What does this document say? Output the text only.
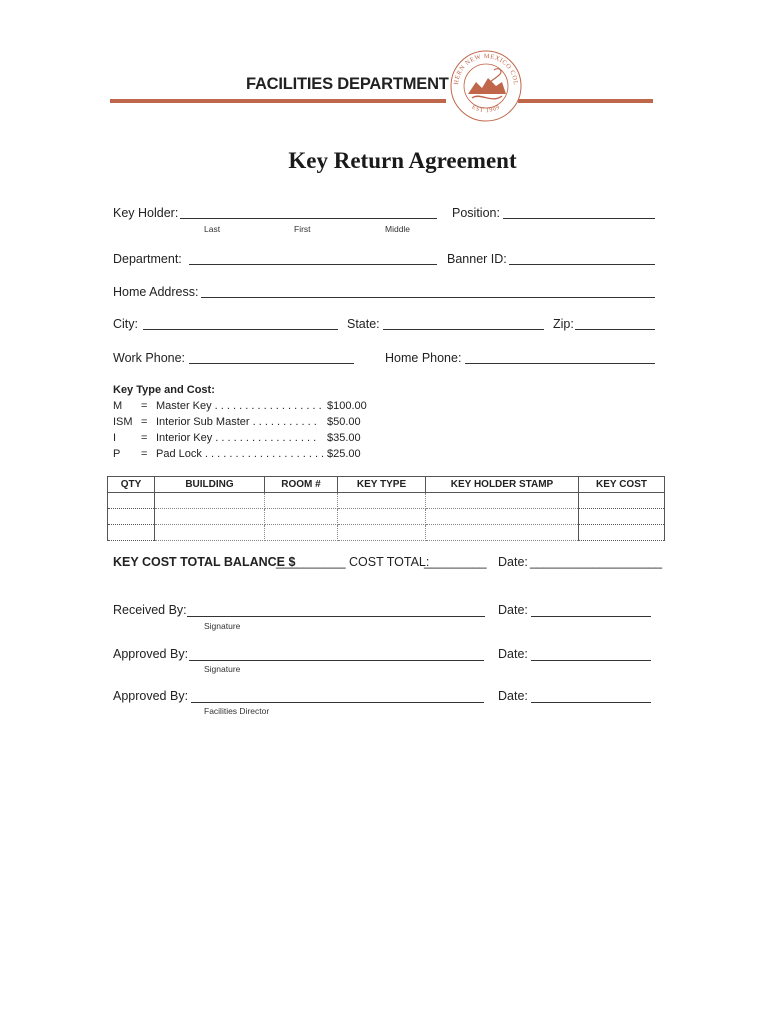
FACILITIES DEPARTMENT HERN NEW MEXICO COL
EST 1909
Key Return Agreement
Key Holder:
Last	First	Middle
Position:
Department:	Banner ID:
Home Address:
City:	State:	Zip:
Work Phone:	Home Phone:
Key Type and Cost:
M = Master Key . . . . . . . . . . . . . . . . . . $100.00
ISM = Interior Sub Master . . . . . . . . . . . $50.00
I = Interior Key . . . . . . . . . . . . . . . . . $35.00
P = Pad Lock . . . . . . . . . . . . . . . . . . . . $25.00
QTY	BUILDING	ROOM #	KEY TYPE	KEY HOLDER STAMP	KEY COST

KEY COST TOTAL BALANCE $
__________ COST TOTAL:
_________ Date: ___________________
Received By:
Signature
Date:
Approved By:
Signature
Date:
Approved By:
Facilities Director
Date:
